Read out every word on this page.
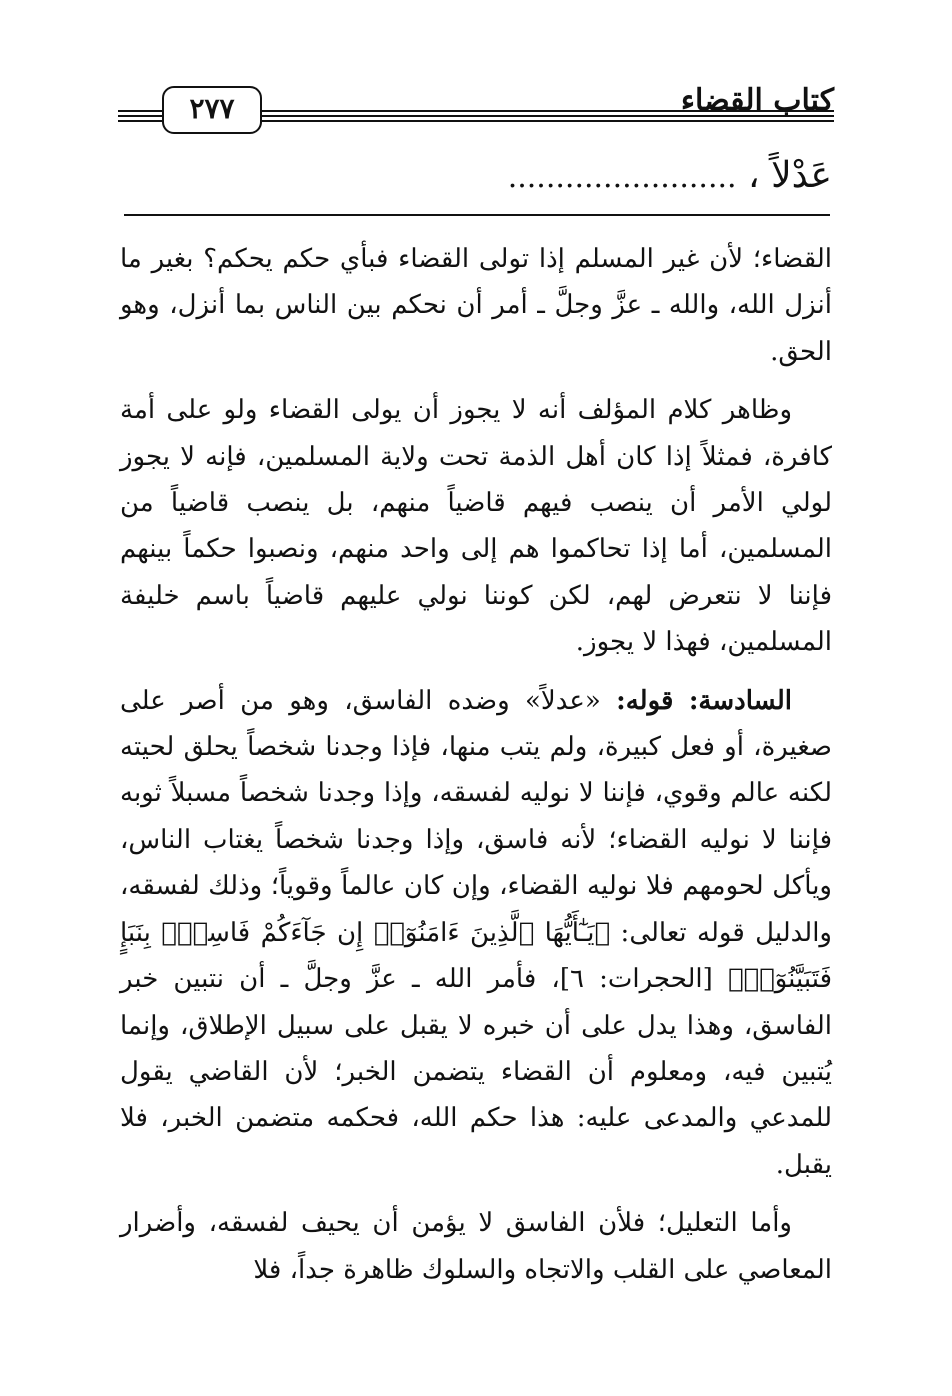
كتاب القضاء
٢٧٧
عَدْلاً ، ........................

القضاء؛ لأن غير المسلم إذا تولى القضاء فبأي حكم يحكم؟ بغير ما أنزل الله، والله ـ عزَّ وجلَّ ـ أمر أن نحكم بين الناس بما أنزل، وهو الحق.

وظاهر كلام المؤلف أنه لا يجوز أن يولى القضاء ولو على أمة كافرة، فمثلاً إذا كان أهل الذمة تحت ولاية المسلمين، فإنه لا يجوز لولي الأمر أن ينصب فيهم قاضياً منهم، بل ينصب قاضياً من المسلمين، أما إذا تحاكموا هم إلى واحد منهم، ونصبوا حكماً بينهم فإننا لا نتعرض لهم، لكن كوننا نولي عليهم قاضياً باسم خليفة المسلمين، فهذا لا يجوز.

السادسة: قوله: «عدلاً» وضده الفاسق، وهو من أصر على صغيرة، أو فعل كبيرة، ولم يتب منها، فإذا وجدنا شخصاً يحلق لحيته لكنه عالم وقوي، فإننا لا نوليه لفسقه، وإذا وجدنا شخصاً مسبلاً ثوبه فإننا لا نوليه القضاء؛ لأنه فاسق، وإذا وجدنا شخصاً يغتاب الناس، ويأكل لحومهم فلا نوليه القضاء، وإن كان عالماً وقوياً؛ وذلك لفسقه، والدليل قوله تعالى: ﴿يَـٰٓأَيُّهَا ٱلَّذِينَ ءَامَنُوٓا۟ إِن جَآءَكُمْ فَاسِقٌۢ بِنَبَإٍ فَتَبَيَّنُوٓا۟﴾ [الحجرات: ٦]، فأمر الله ـ عزَّ وجلَّ ـ أن نتبين خبر الفاسق، وهذا يدل على أن خبره لا يقبل على سبيل الإطلاق، وإنما يُتبين فيه، ومعلوم أن القضاء يتضمن الخبر؛ لأن القاضي يقول للمدعي والمدعى عليه: هذا حكم الله، فحكمه متضمن الخبر، فلا يقبل.

وأما التعليل؛ فلأن الفاسق لا يؤمن أن يحيف لفسقه، وأضرار المعاصي على القلب والاتجاه والسلوك ظاهرة جداً، فلا
